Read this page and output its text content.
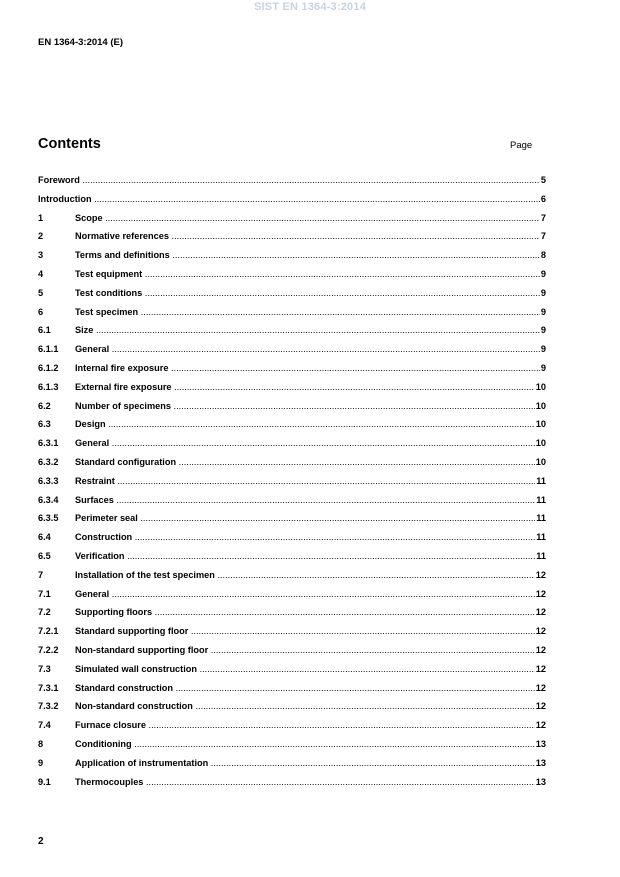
SIST EN 1364-3:2014
EN 1364-3:2014 (E)
Contents	Page
Foreword .....	5
Introduction .....	6
1	Scope .....	7
2	Normative references .....	7
3	Terms and definitions .....	8
4	Test equipment .....	9
5	Test conditions .....	9
6	Test specimen .....	9
6.1	Size .....	9
6.1.1	General .....	9
6.1.2	Internal fire exposure .....	9
6.1.3	External fire exposure .....	10
6.2	Number of specimens .....	10
6.3	Design .....	10
6.3.1	General .....	10
6.3.2	Standard configuration .....	10
6.3.3	Restraint .....	11
6.3.4	Surfaces .....	11
6.3.5	Perimeter seal .....	11
6.4	Construction .....	11
6.5	Verification .....	11
7	Installation of the test specimen .....	12
7.1	General .....	12
7.2	Supporting floors .....	12
7.2.1	Standard supporting floor .....	12
7.2.2	Non-standard supporting floor .....	12
7.3	Simulated wall construction .....	12
7.3.1	Standard construction .....	12
7.3.2	Non-standard construction .....	12
7.4	Furnace closure .....	12
8	Conditioning .....	13
9	Application of instrumentation .....	13
9.1	Thermocouples .....	13
2
